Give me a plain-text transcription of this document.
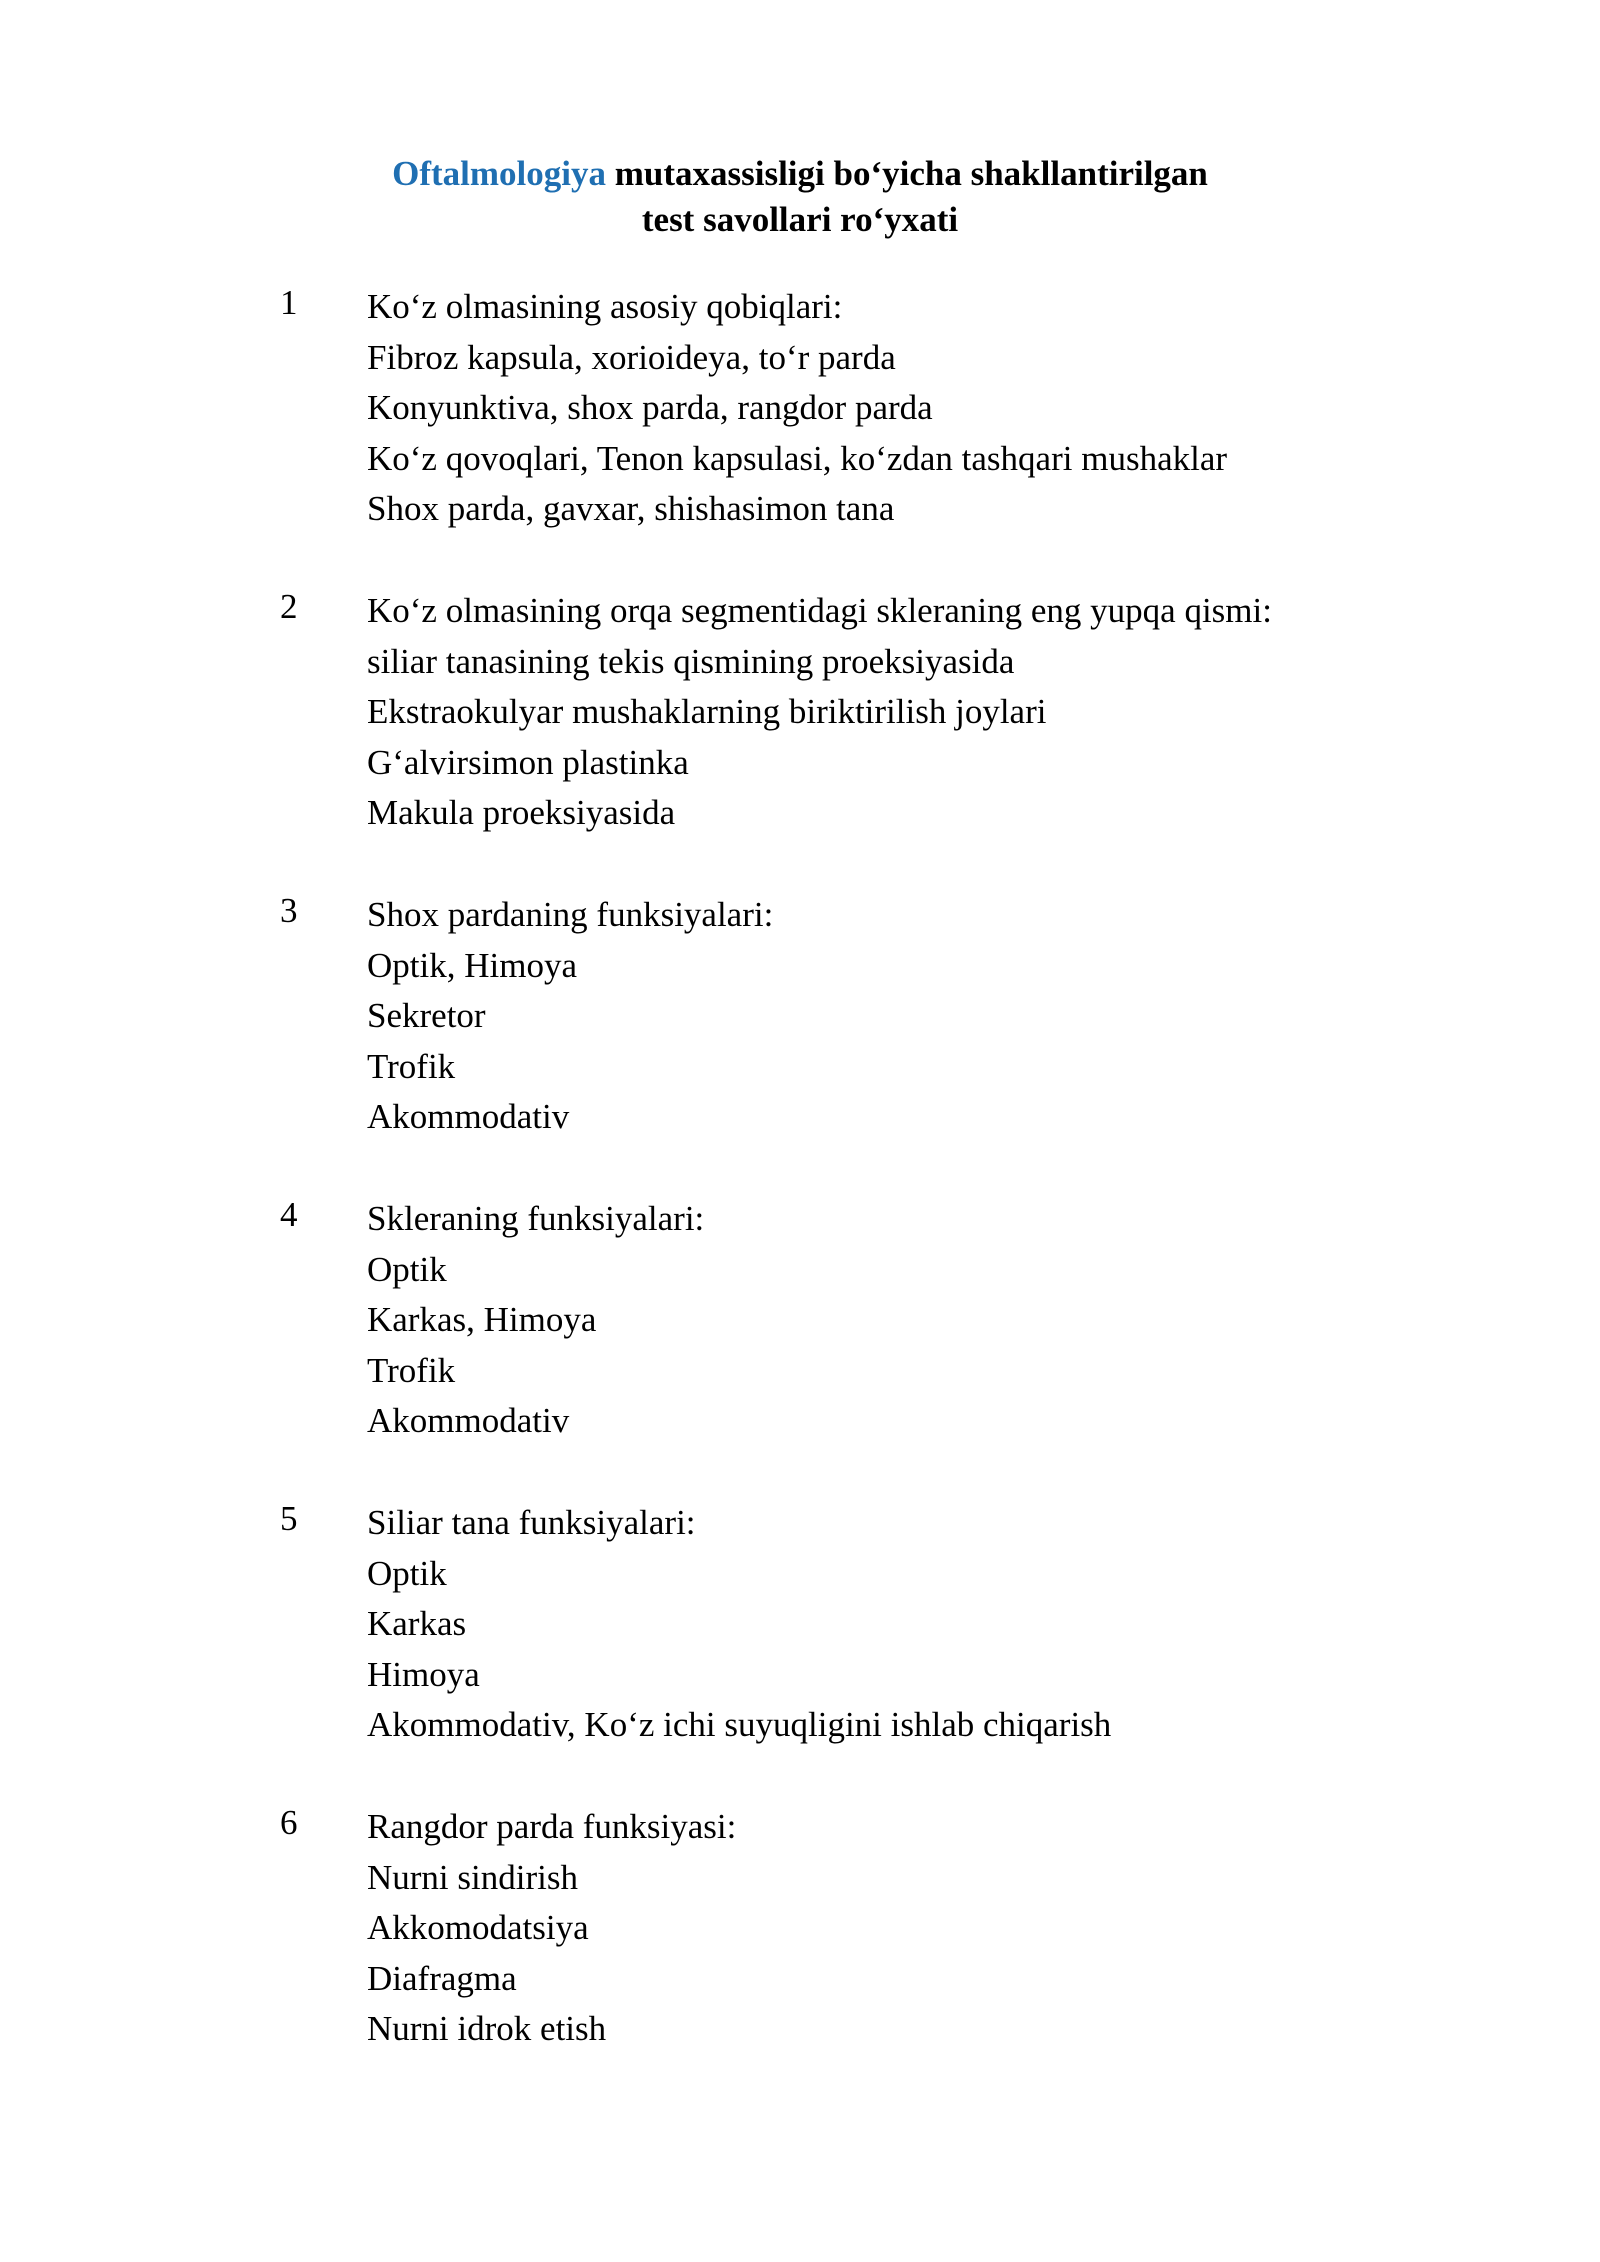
Oftalmologiya mutaxassisligi bo‘yicha shakllantirilgan
test savollari ro‘yxati
1 Ko‘z olmasining asosiy qobiqlari:
Fibroz kapsula, xorioideya, to‘r parda
Konyunktiva, shox parda, rangdor parda
Ko‘z qovoqlari, Tenon kapsulasi, ko‘zdan tashqari mushaklar
Shox parda, gavxar, shishasimon tana
2 Ko‘z olmasining orqa segmentidagi skleraning eng yupqa qismi:
siliar tanasining tekis qismining proeksiyasida
Ekstraokulyar mushaklarning biriktirilish joylari
G‘alvirsimon plastinka
Makula proeksiyasida
3 Shox pardaning funksiyalari:
Optik, Himoya
Sekretor
Trofik
Akommodativ
4 Skleraning funksiyalari:
Optik
Karkas, Himoya
Trofik
Akommodativ
5 Siliar tana funksiyalari:
Optik
Karkas
Himoya
Akommodativ, Ko‘z ichi suyuqligini ishlab chiqarish
6 Rangdor parda funksiyasi:
Nurni sindirish
Akkomodatsiya
Diafragma
Nurni idrok etish
